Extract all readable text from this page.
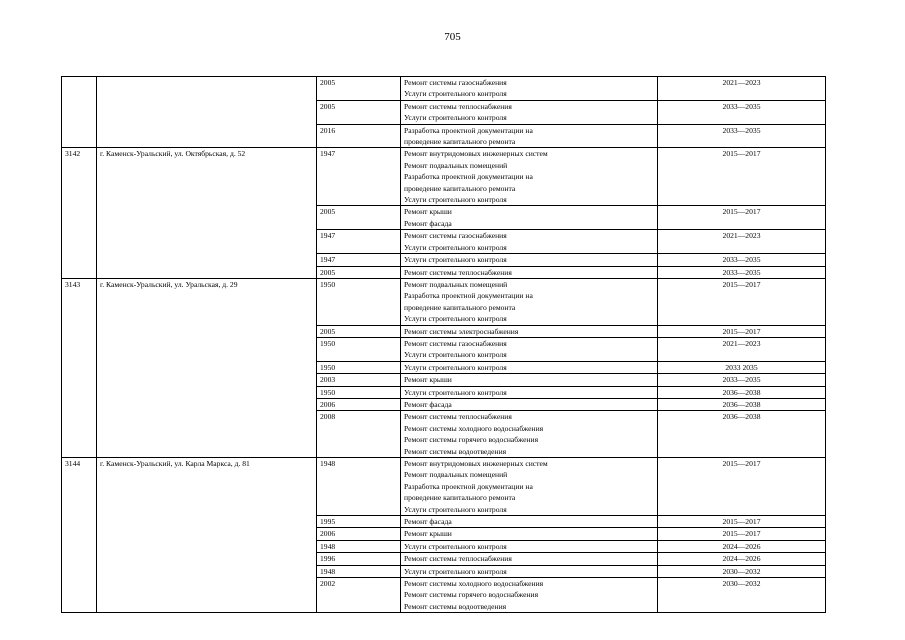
705
		2005	Ремонт системы газоснабжения
Услуги строительного контроля	2021—2023
		2005	Ремонт системы теплоснабжения
Услуги строительного контроля	2033—2035
		2016	Разработка проектной документации на
проведение капитального ремонта	2033—2035
3142	г. Каменск-Уральский, ул. Октябрьская, д. 52	1947	Ремонт внутридомовых инженерных систем
Ремонт подвальных помещений
Разработка проектной документации на
проведение капитального ремонта
Услуги строительного контроля	2015—2017
		2005	Ремонт крыши
Ремонт фасада	2015—2017
		1947	Ремонт системы газоснабжения
Услуги строительного контроля	2021—2023
		1947	Услуги строительного контроля	2033—2035
		2005	Ремонт системы теплоснабжения	2033—2035
3143	г. Каменск-Уральский, ул. Уральская, д. 29	1950	Ремонт подвальных помещений
Разработка проектной документации на
проведение капитального ремонта
Услуги строительного контроля	2015—2017
		2005	Ремонт системы электроснабжения	2015—2017
		1950	Ремонт системы газоснабжения
Услуги строительного контроля	2021—2023
		1950	Услуги строительного контроля	2033 2035
		2003	Ремонт крыши	2033—2035
		1950	Услуги строительного контроля	2036—2038
		2006	Ремонт фасада	2036—2038
		2008	Ремонт системы теплоснабжения
Ремонт системы холодного водоснабжения
Ремонт системы горячего водоснабжения
Ремонт системы водоотведения	2036—2038
3144	г. Каменск-Уральский, ул. Карла Маркса, д. 81	1948	Ремонт внутридомовых инженерных систем
Ремонт подвальных помещений
Разработка проектной документации на
проведение капитального ремонта
Услуги строительного контроля	2015—2017
		1995	Ремонт фасада	2015—2017
		2006	Ремонт крыши	2015—2017
		1948	Услуги строительного контроля	2024—2026
		1996	Ремонт системы теплоснабжения	2024—2026
		1948	Услуги строительного контроля	2030—2032
		2002	Ремонт системы холодного водоснабжения
Ремонт системы горячего водоснабжения
Ремонт системы водоотведения	2030—2032
